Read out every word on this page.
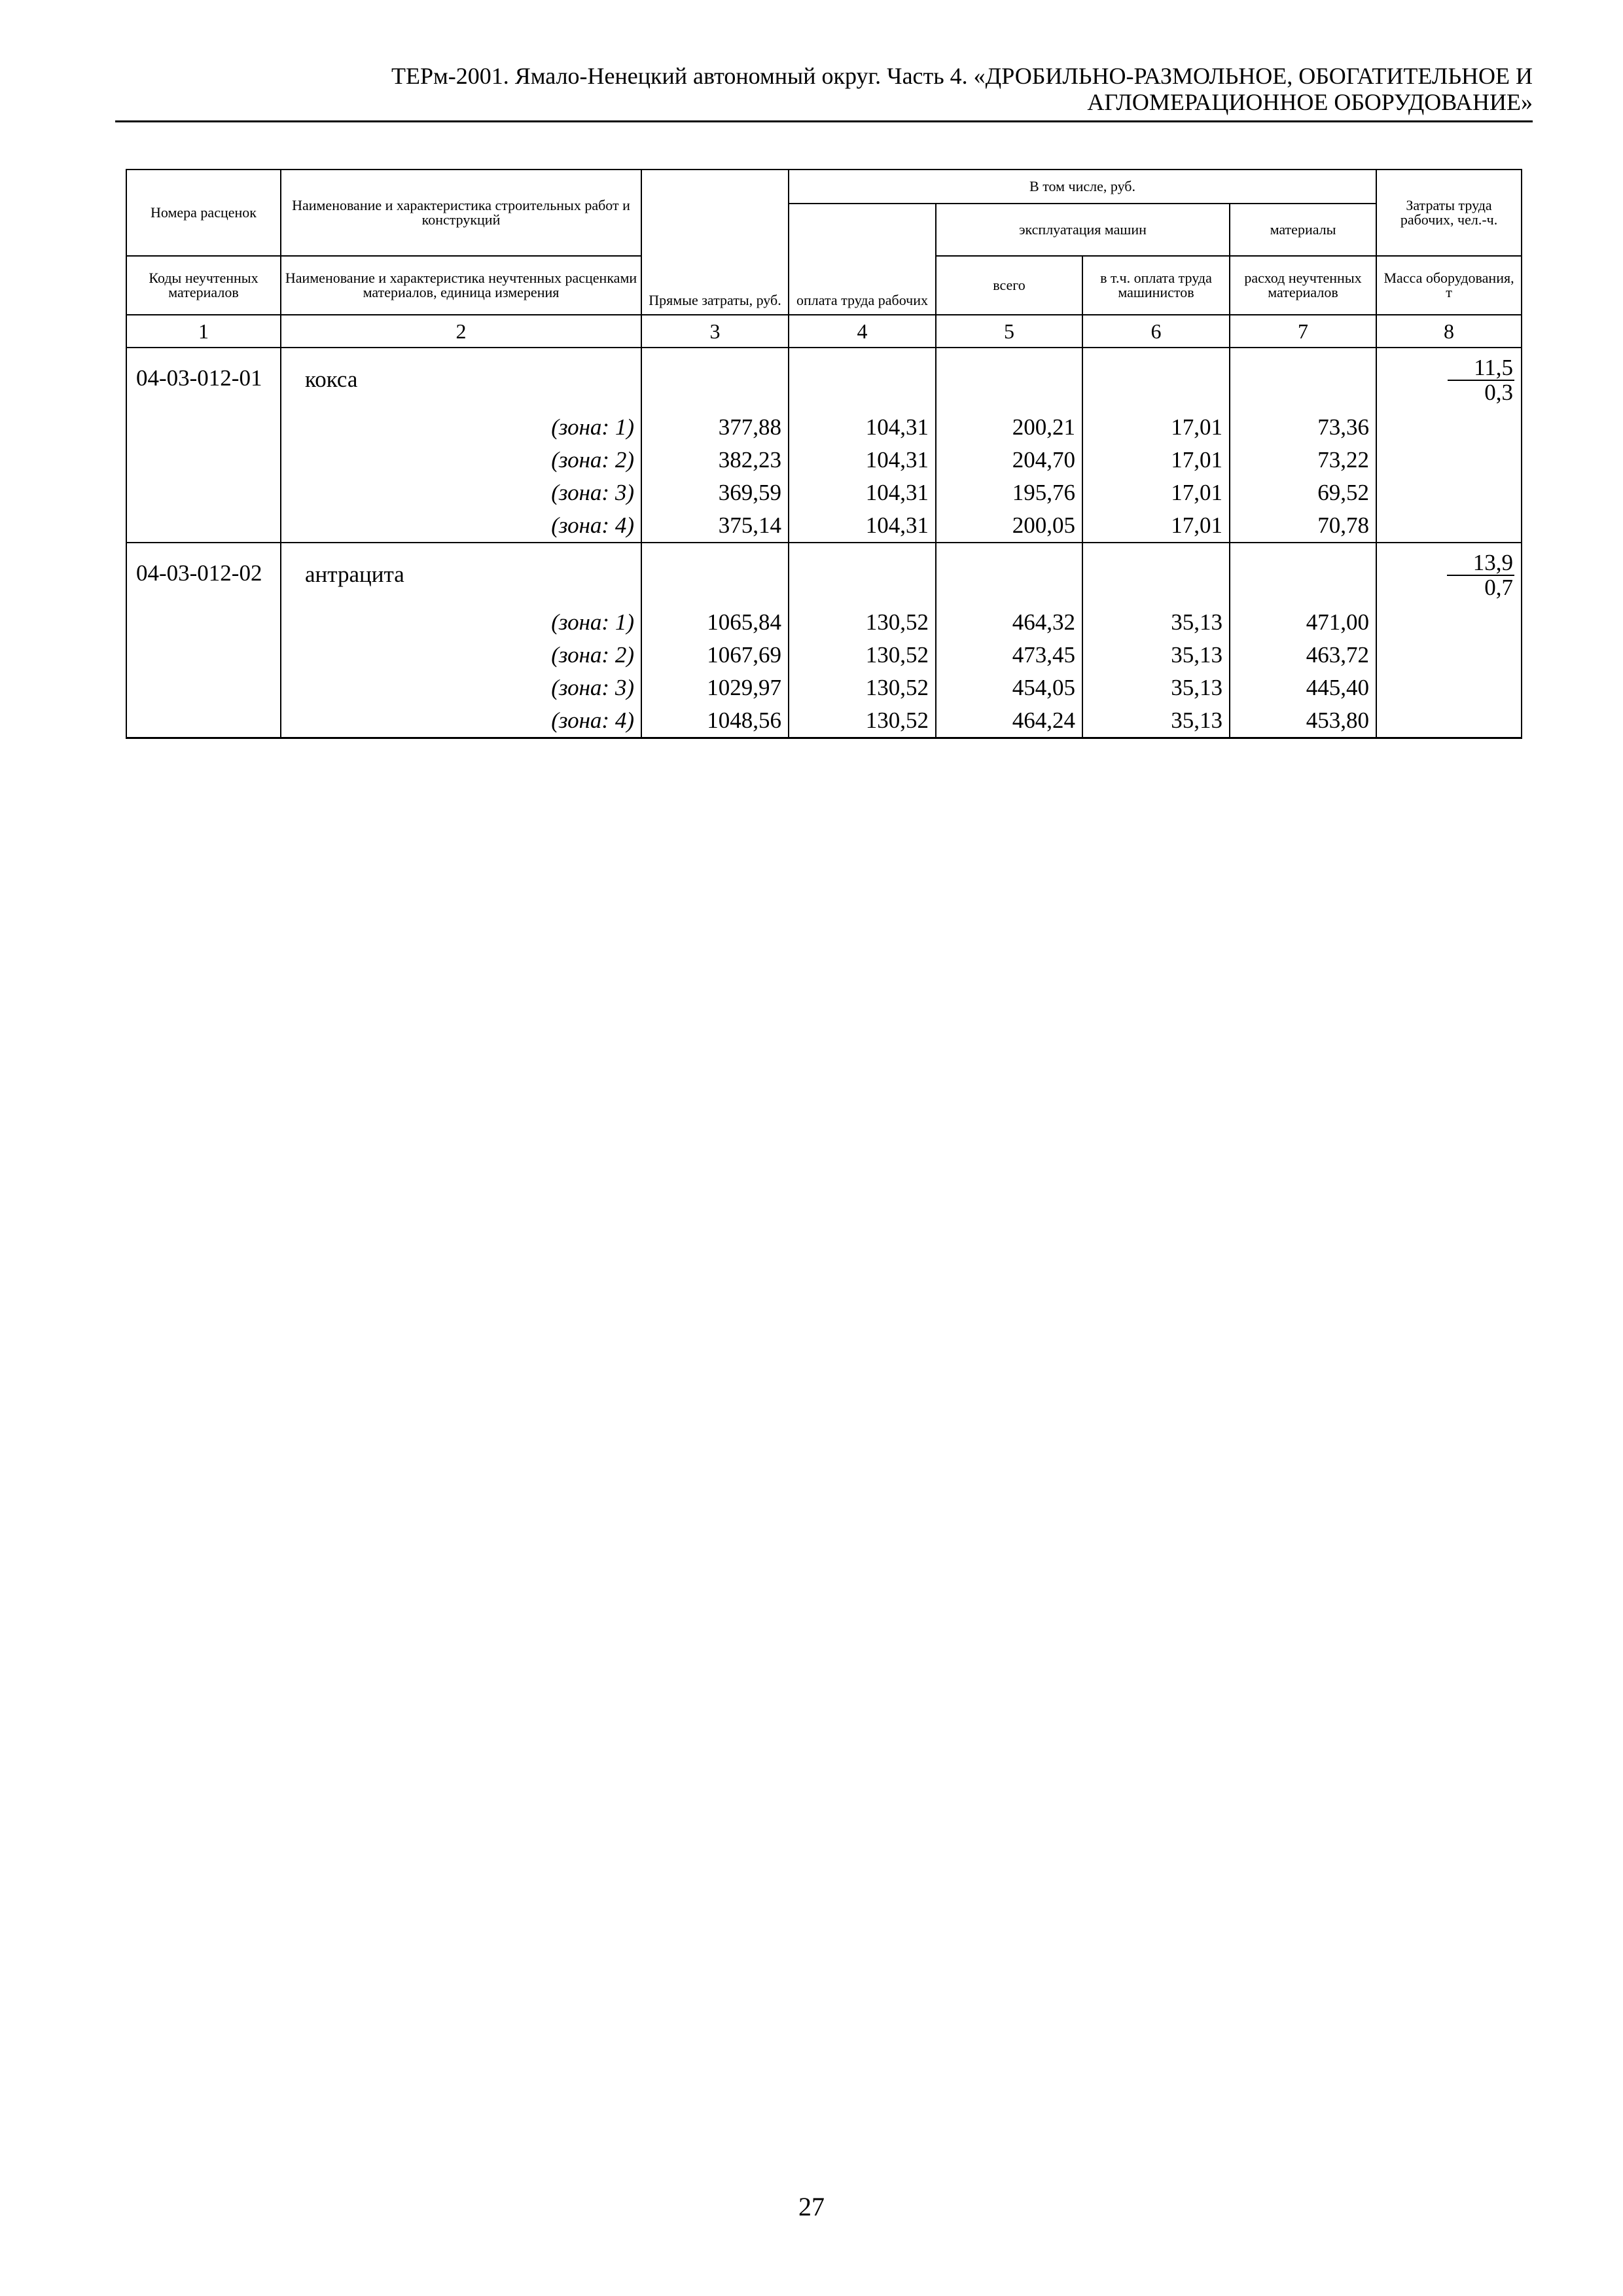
ТЕРм-2001. Ямало-Ненецкий автономный округ. Часть 4. «ДРОБИЛЬНО-РАЗМОЛЬНОЕ, ОБОГАТИТЕЛЬНОЕ И
АГЛОМЕРАЦИОННОЕ ОБОРУДОВАНИЕ»
Номера расценок	Наименование и характеристика строительных работ и конструкций	Прямые затраты, руб.	В том числе, руб.				Затраты труда рабочих, чел.-ч.
			оплата труда рабочих	эксплуатация машин		материалы	
Коды неучтенных материалов	Наименование и характеристика неучтенных расценками материалов, единица измерения			всего	в т.ч. оплата труда машинистов	расход неучтенных материалов	Масса оборудования, т
1	2	3	4	5	6	7	8
04-03-012-01	кокса						$\frac{11,5}{0,3}$

	(зона: 1)	377,88	104,31	200,21	17,01	73,36	
	(зона: 2)	382,23	104,31	204,70	17,01	73,22	
	(зона: 3)	369,59	104,31	195,76	17,01	69,52	
	(зона: 4)	375,14	104,31	200,05	17,01	70,78	
04-03-012-02	антрацита						$\frac{13,9}{0,7}$

	(зона: 1)	1065,84	130,52	464,32	35,13	471,00	
	(зона: 2)	1067,69	130,52	473,45	35,13	463,72	
	(зона: 3)	1029,97	130,52	454,05	35,13	445,40	
	(зона: 4)	1048,56	130,52	464,24	35,13	453,80	
27
